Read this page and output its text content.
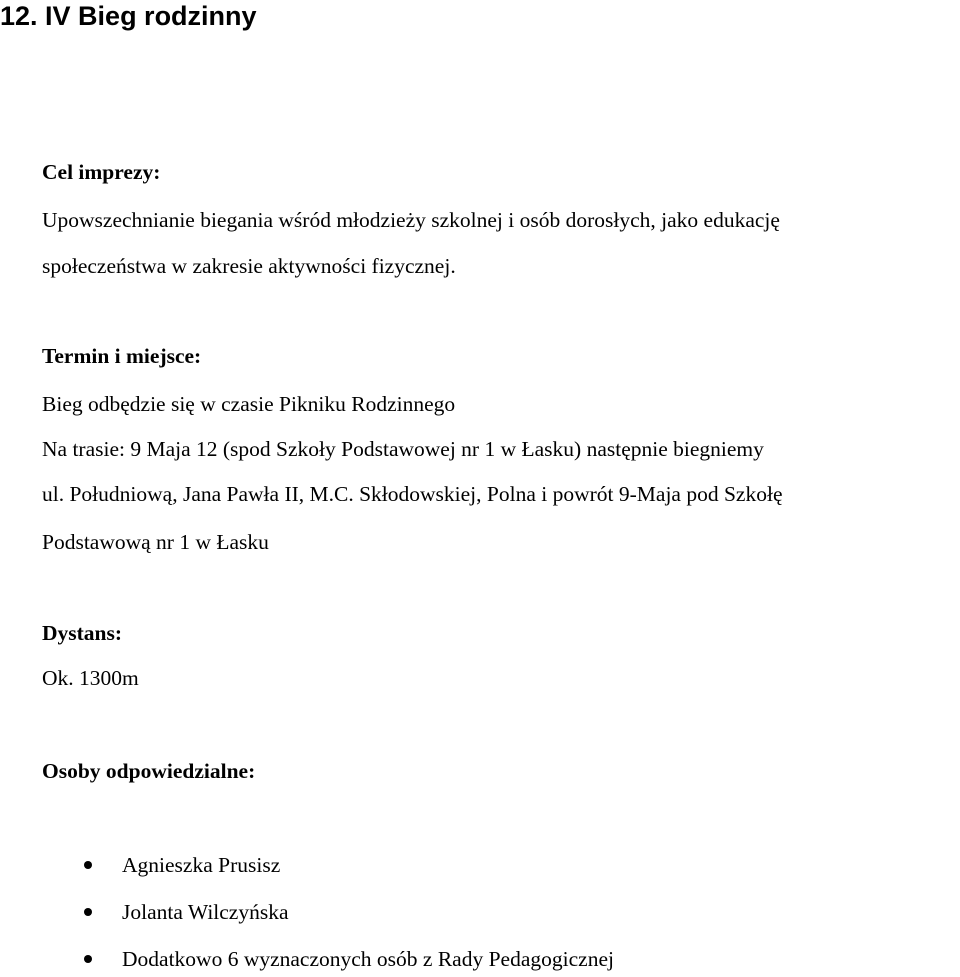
12. IV Bieg rodzinny

Cel imprezy:

Upowszechnianie biegania wśród młodzieży szkolnej i osób dorosłych, jako edukację

społeczeństwa w zakresie aktywności fizycznej.

Termin i miejsce:

Bieg odbędzie się w czasie Pikniku Rodzinnego

Na trasie: 9 Maja 12 (spod Szkoły Podstawowej nr 1 w Łasku) następnie biegniemy

ul. Południową, Jana Pawła II, M.C. Skłodowskiej, Polna i powrót 9-Maja pod Szkołę

Podstawową nr 1 w Łasku

Dystans:

Ok. 1300m

Osoby odpowiedzialne:

Agnieszka Prusisz
Jolanta Wilczyńska
Dodatkowo 6 wyznaczonych osób z Rady Pedagogicznej
